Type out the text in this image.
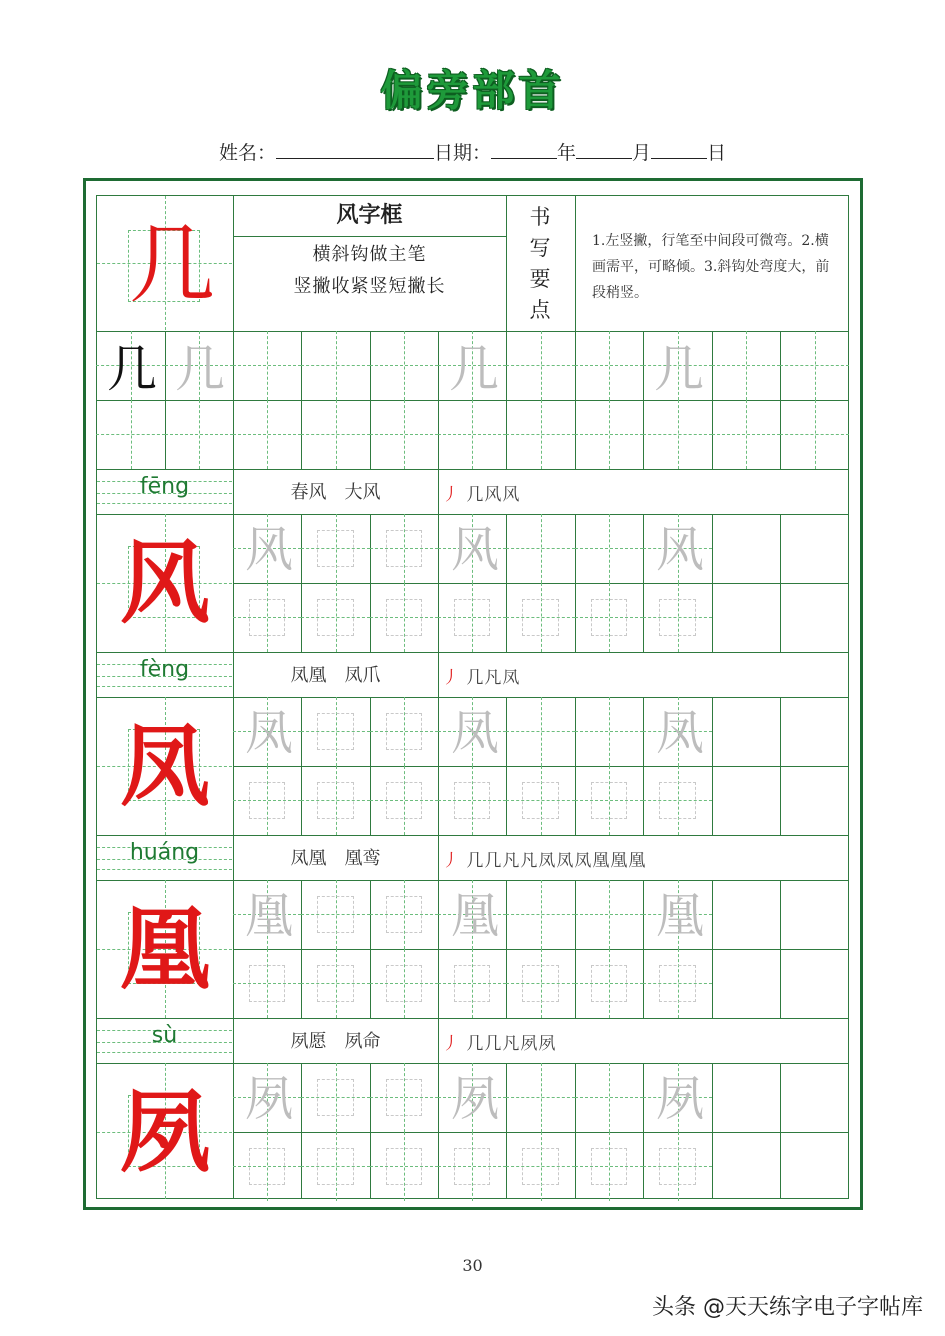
偏旁部首
姓名：	日期：	年	月	日
几	风字框
横斜钩做主笔
竖撇收紧竖短撇长
书
写
要
点
1.左竖撇，行笔至中间段可微弯。2.横画需平，可略倾。3.斜钩处弯度大，前段稍竖。
几 几	几	几
fēng	春风　大风	丿 几风风
风 风	风	风
fèng	凤凰　凤爪	丿 几凡凤
凤 凤	凤	凤
huáng	凤凰　凰鸾	丿 几几凡凡凤凤凤凰凰凰
凰 凰	凰	凰
sù	夙愿　夙命	丿 几几凡夙夙
夙 夙	夙	夙
30
头条 @天天练字电子字帖库
